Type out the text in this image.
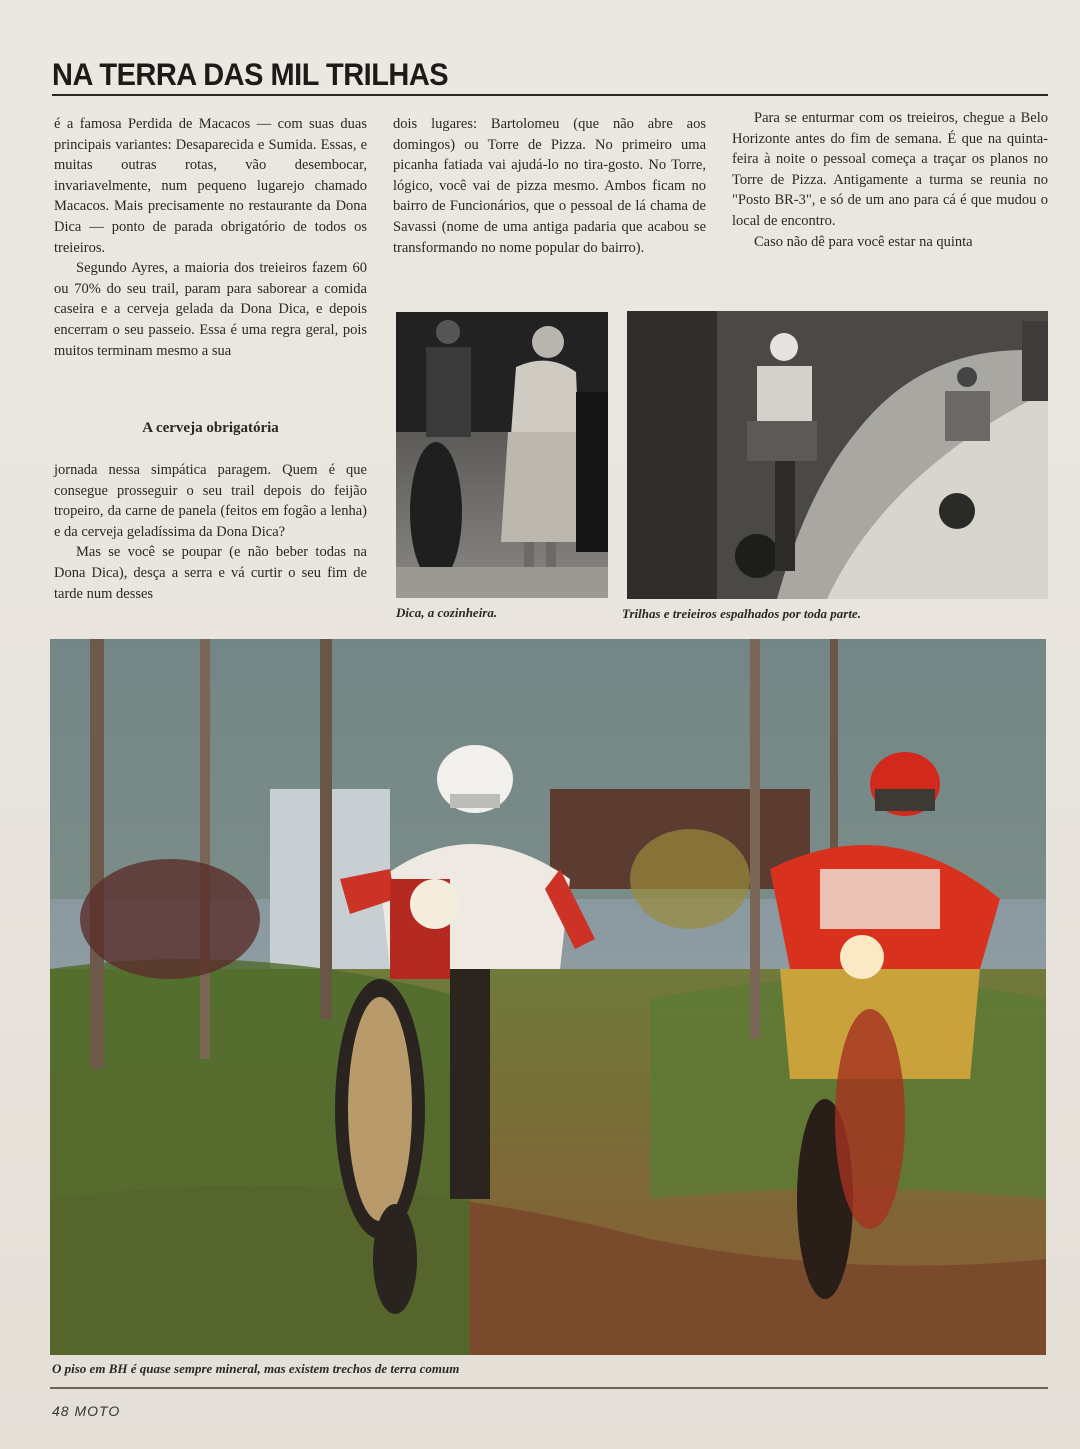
NA TERRA DAS MIL TRILHAS

é a famosa Perdida de Macacos — com suas duas principais variantes: Desaparecida e Sumida. Essas, e muitas outras rotas, vão desembocar, invariavelmente, num pequeno lugarejo chamado Macacos. Mais precisamente no restaurante da Dona Dica — ponto de parada obrigatório de todos os treieiros.

Segundo Ayres, a maioria dos treieiros fazem 60 ou 70% do seu trail, param para saborear a comida caseira e a cerveja gelada da Dona Dica, e depois encerram o seu passeio. Essa é uma regra geral, pois muitos terminam mesmo a sua

A cerveja obrigatória

jornada nessa simpática paragem. Quem é que consegue prosseguir o seu trail depois do feijão tropeiro, da carne de panela (feitos em fogão a lenha) e da cerveja geladíssima da Dona Dica?

Mas se você se poupar (e não beber todas na Dona Dica), desça a serra e vá curtir o seu fim de tarde num desses

dois lugares: Bartolomeu (que não abre aos domingos) ou Torre de Pizza. No primeiro uma picanha fatiada vai ajudá-lo no tira-gosto. No Torre, lógico, você vai de pizza mesmo. Ambos ficam no bairro de Funcionários, que o pessoal de lá chama de Savassi (nome de uma antiga padaria que acabou se transformando no nome popular do bairro).

Para se enturmar com os treieiros, chegue a Belo Horizonte antes do fim de semana. É que na quinta-feira à noite o pessoal começa a traçar os planos no Torre de Pizza. Antigamente a turma se reunia no "Posto BR-3", e só de um ano para cá é que mudou o local de encontro.

Caso não dê para você estar na quinta

Dica, a cozinheira.	Trilhas e treieiros espalhados por toda parte.
O piso em BH é quase sempre mineral, mas existem trechos de terra comum
48 MOTO
